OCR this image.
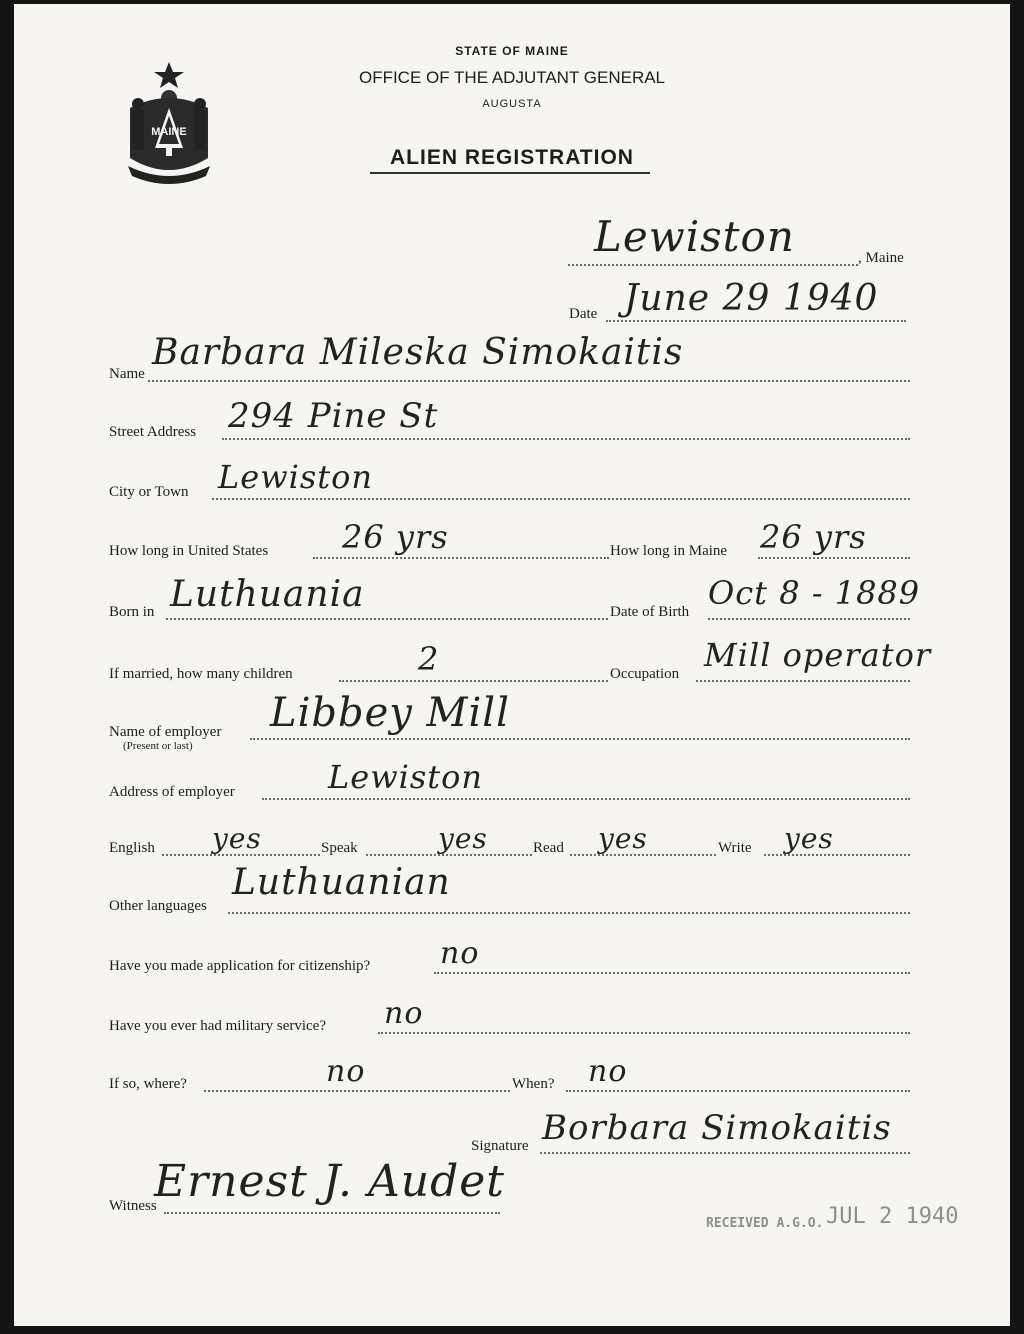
MAINE
STATE OF MAINE
OFFICE OF THE ADJUTANT GENERAL
AUGUSTA
ALIEN REGISTRATION
Lewiston	, Maine
Date June 29 1940
Name
Barbara Mileska Simokaitis
Street Address 294 Pine St
City or Town Lewiston
How long in United States 26 yrs	How long in Maine 26 yrs
Born in Luthuania	Date of Birth Oct 8 - 1889
If married, how many children	2	Occupation Mill operator
Name of employer
(Present or last)
Libbey Mill
Address of employer	Lewiston
English yes	Speak	yes	Read yes	Write yes
Other languages
Luthuanian
Have you made application for citizenship? no
Have you ever had military service? no
If so, where?	no	When? no
Signature Borbara Simokaitis
Witness
Ernest J. Audet
RECEIVED A.G.O. JUL 2 1940
